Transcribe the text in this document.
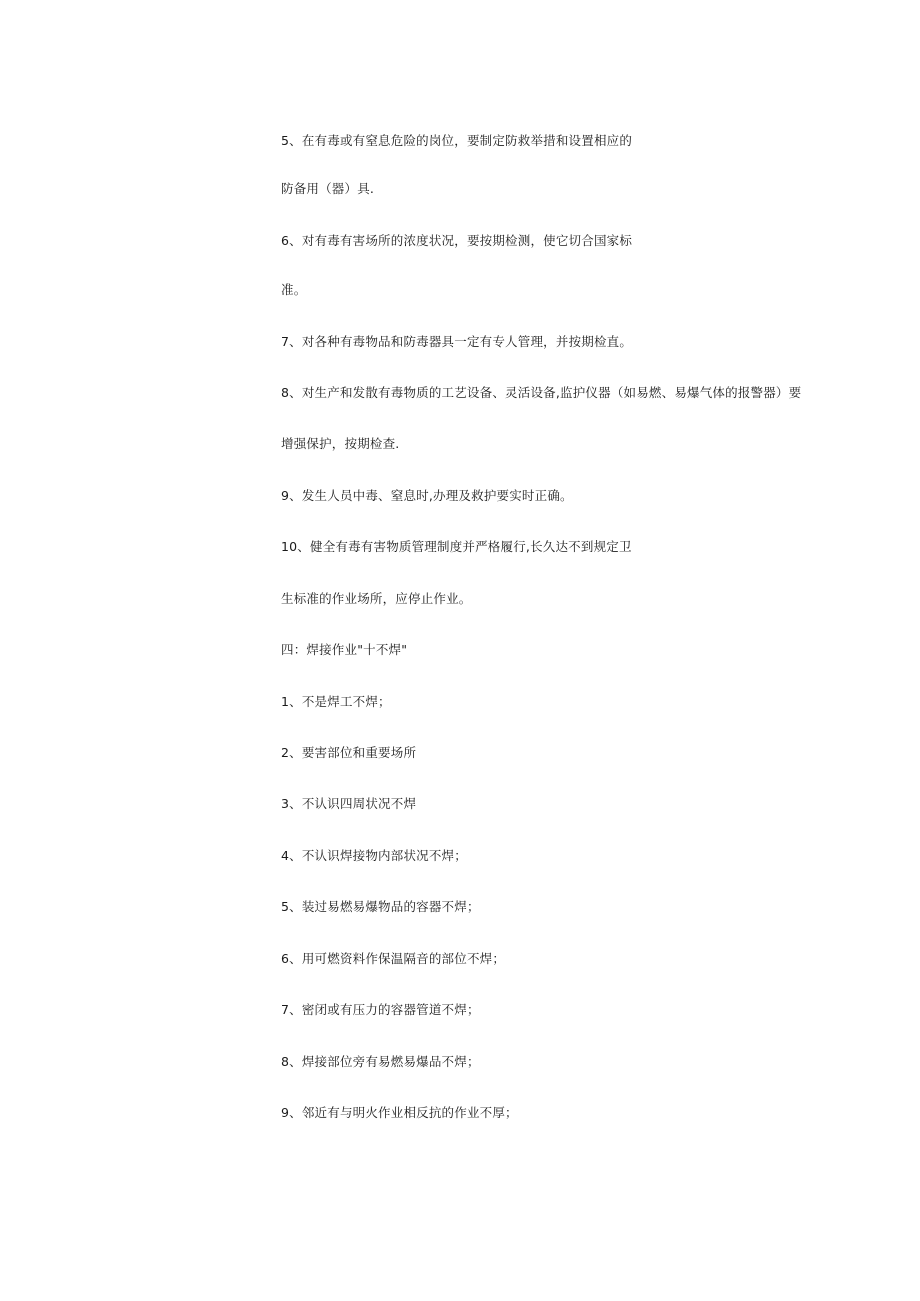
5、在有毒或有窒息危险的岗位，要制定防救举措和设置相应的
防备用（器）具.
6、对有毒有害场所的浓度状况，要按期检测，使它切合国家标
准。
7、对各种有毒物品和防毒器具一定有专人管理，并按期检直。
8、对生产和发散有毒物质的工艺设备、灵活设备,监护仪器（如易燃、易爆气体的报警器）要
增强保护，按期检查.
9、发生人员中毒、窒息时,办理及救护要实时正确。
10、健全有毒有害物质管理制度并严格履行,长久达不到规定卫
生标准的作业场所，应停止作业。
四：焊接作业"十不焊"
1、不是焊工不焊；
2、要害部位和重要场所
3、不认识四周状况不焊
4、不认识焊接物内部状况不焊；
5、装过易燃易爆物品的容器不焊；
6、用可燃资料作保温隔音的部位不焊；
7、密闭或有压力的容器管道不焊；
8、焊接部位旁有易燃易爆品不焊；
9、邻近有与明火作业相反抗的作业不厚；
